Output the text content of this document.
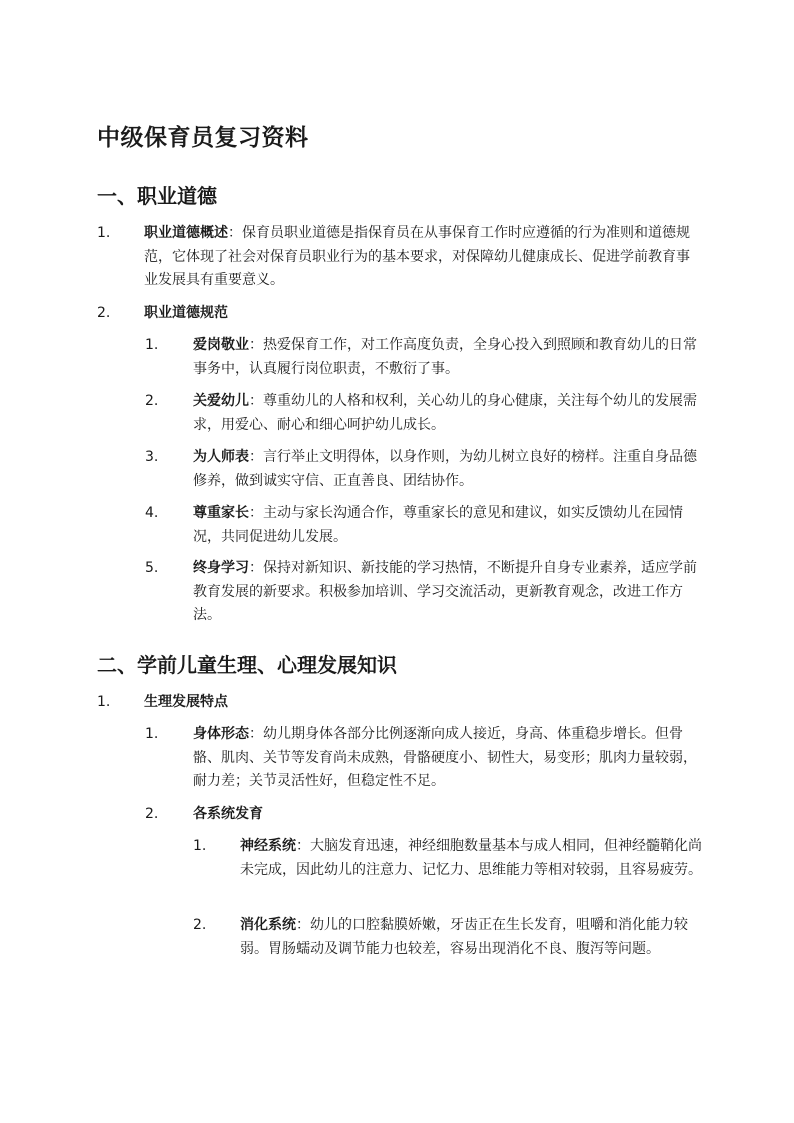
中级保育员复习资料
一、职业道德
1. 职业道德概述：保育员职业道德是指保育员在从事保育工作时应遵循的行为准则和道德规范，它体现了社会对保育员职业行为的基本要求，对保障幼儿健康成长、促进学前教育事业发展具有重要意义。
2. 职业道德规范
1. 爱岗敬业：热爱保育工作，对工作高度负责，全身心投入到照顾和教育幼儿的日常事务中，认真履行岗位职责，不敷衍了事。
2. 关爱幼儿：尊重幼儿的人格和权利，关心幼儿的身心健康，关注每个幼儿的发展需求，用爱心、耐心和细心呵护幼儿成长。
3. 为人师表：言行举止文明得体，以身作则，为幼儿树立良好的榜样。注重自身品德修养，做到诚实守信、正直善良、团结协作。
4. 尊重家长：主动与家长沟通合作，尊重家长的意见和建议，如实反馈幼儿在园情况，共同促进幼儿发展。
5. 终身学习：保持对新知识、新技能的学习热情，不断提升自身专业素养，适应学前教育发展的新要求。积极参加培训、学习交流活动，更新教育观念，改进工作方法。
二、学前儿童生理、心理发展知识
1. 生理发展特点
1. 身体形态：幼儿期身体各部分比例逐渐向成人接近，身高、体重稳步增长。但骨骼、肌肉、关节等发育尚未成熟，骨骼硬度小、韧性大，易变形；肌肉力量较弱，耐力差；关节灵活性好，但稳定性不足。
2. 各系统发育
1. 神经系统：大脑发育迅速，神经细胞数量基本与成人相同，但神经髓鞘化尚未完成，因此幼儿的注意力、记忆力、思维能力等相对较弱，且容易疲劳。
2. 消化系统：幼儿的口腔黏膜娇嫩，牙齿正在生长发育，咀嚼和消化能力较弱。胃肠蠕动及调节能力也较差，容易出现消化不良、腹泻等问题。
